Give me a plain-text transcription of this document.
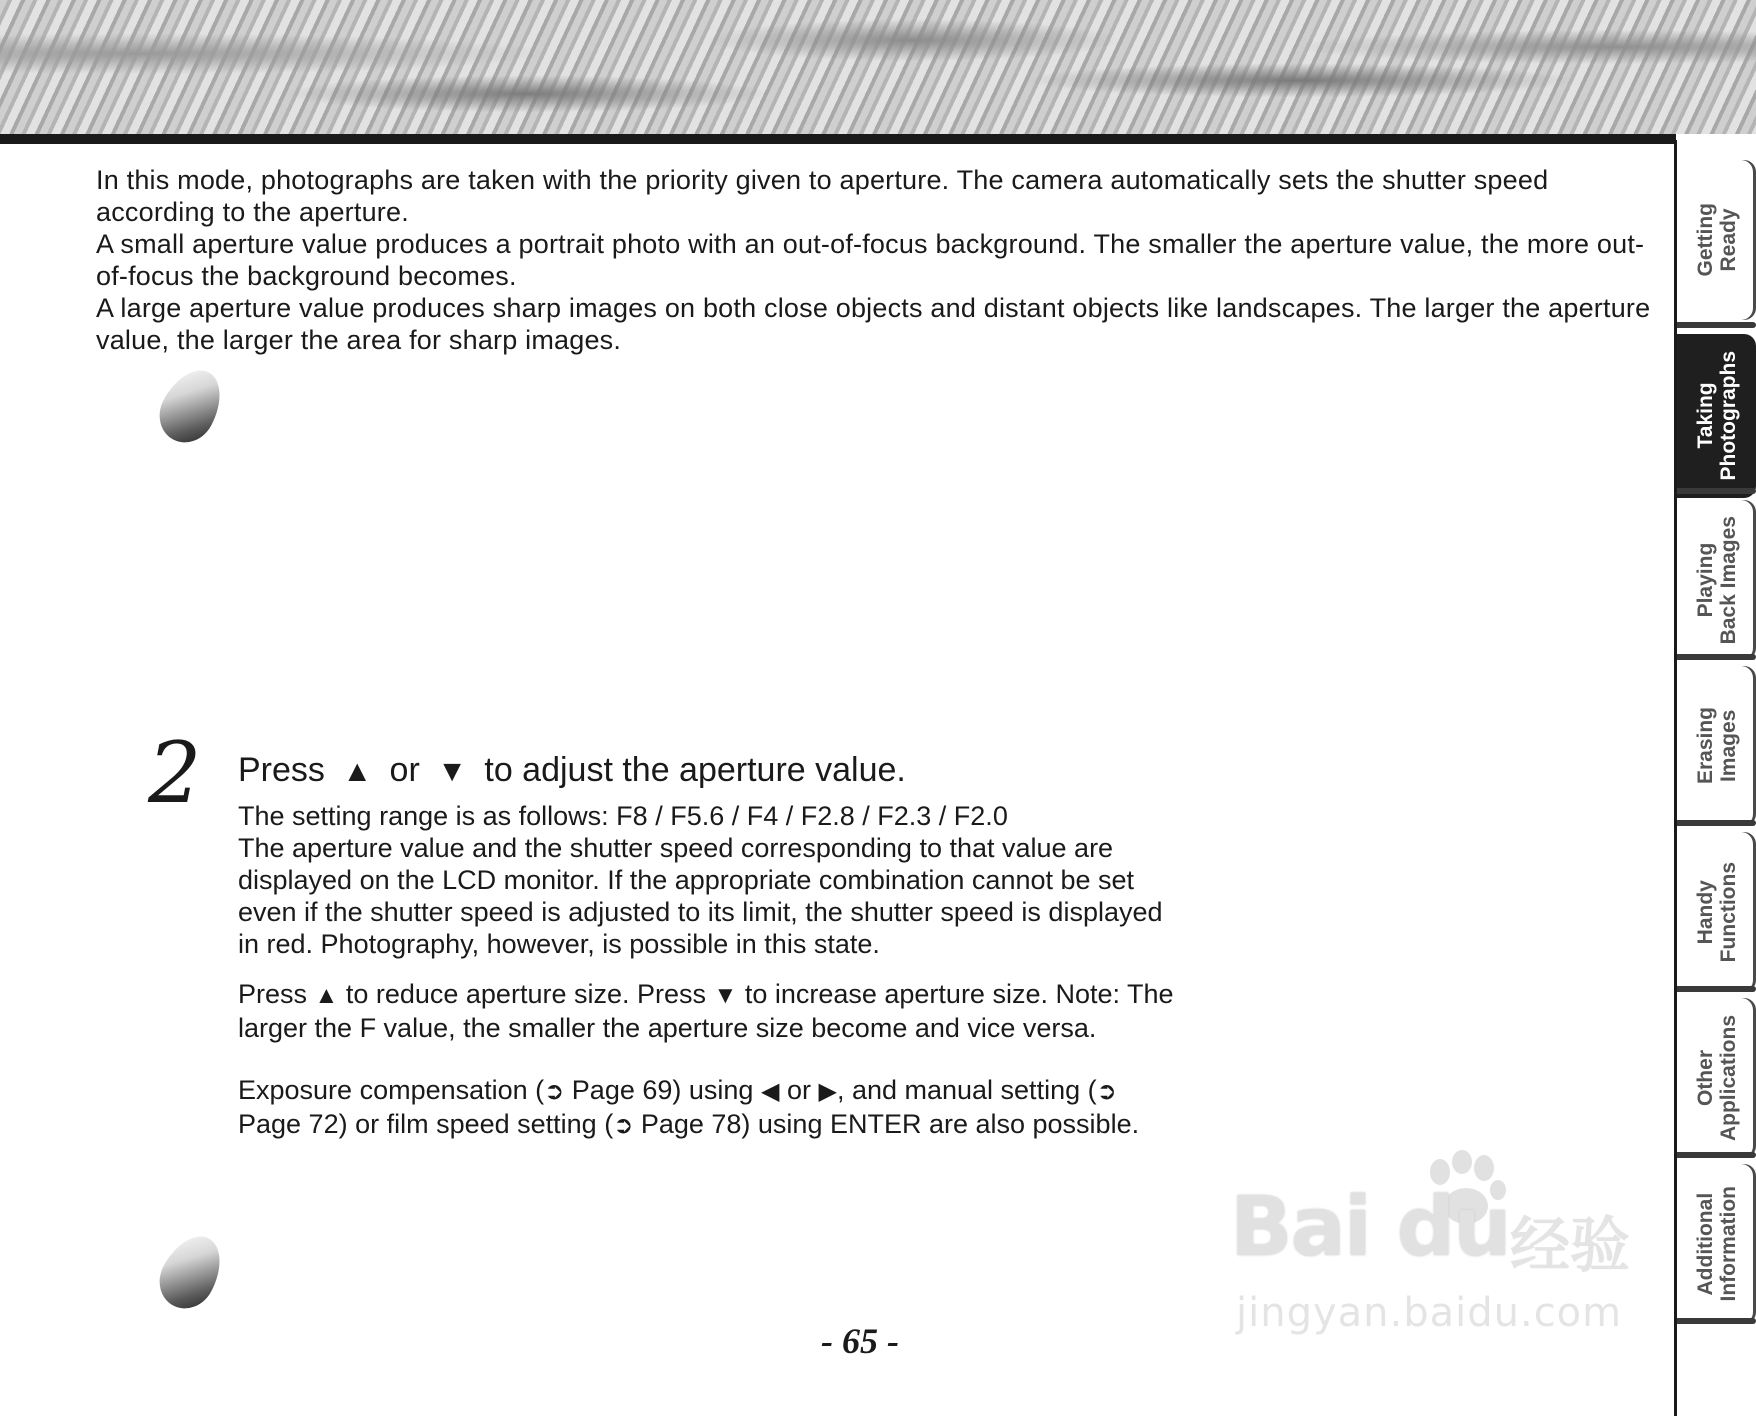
In this mode, photographs are taken with the priority given to aperture. The camera automatically sets the shutter speed according to the aperture.

A small aperture value produces a portrait photo with an out-of-focus background. The smaller the aperture value, the more out-of-focus the background becomes.

A large aperture value produces sharp images on both close objects and distant objects like landscapes. The larger the aperture value, the larger the area for sharp images.

2 Press ▲ or ▼ to adjust the aperture value.

The setting range is as follows: F8 / F5.6 / F4 / F2.8 / F2.3 / F2.0

The aperture value and the shutter speed corresponding to that value are displayed on the LCD monitor. If the appropriate combination cannot be set even if the shutter speed is adjusted to its limit, the shutter speed is displayed in red. Photography, however, is possible in this state.

Press ▲ to reduce aperture size. Press ▼ to increase aperture size. Note: The larger the F value, the smaller the aperture size become and vice versa.

Exposure compensation (➲ Page 69) using ◀ or ▶, and manual setting (➲ Page 72) or film speed setting (➲ Page 78) using ENTER are also possible.

- 65 -
Getting
Ready
Taking
Photographs
Playing
Back Images
Erasing
Images
Handy
Functions
Other
Applications
Additional
Information
Bai du 经验
jingyan.baidu.com
